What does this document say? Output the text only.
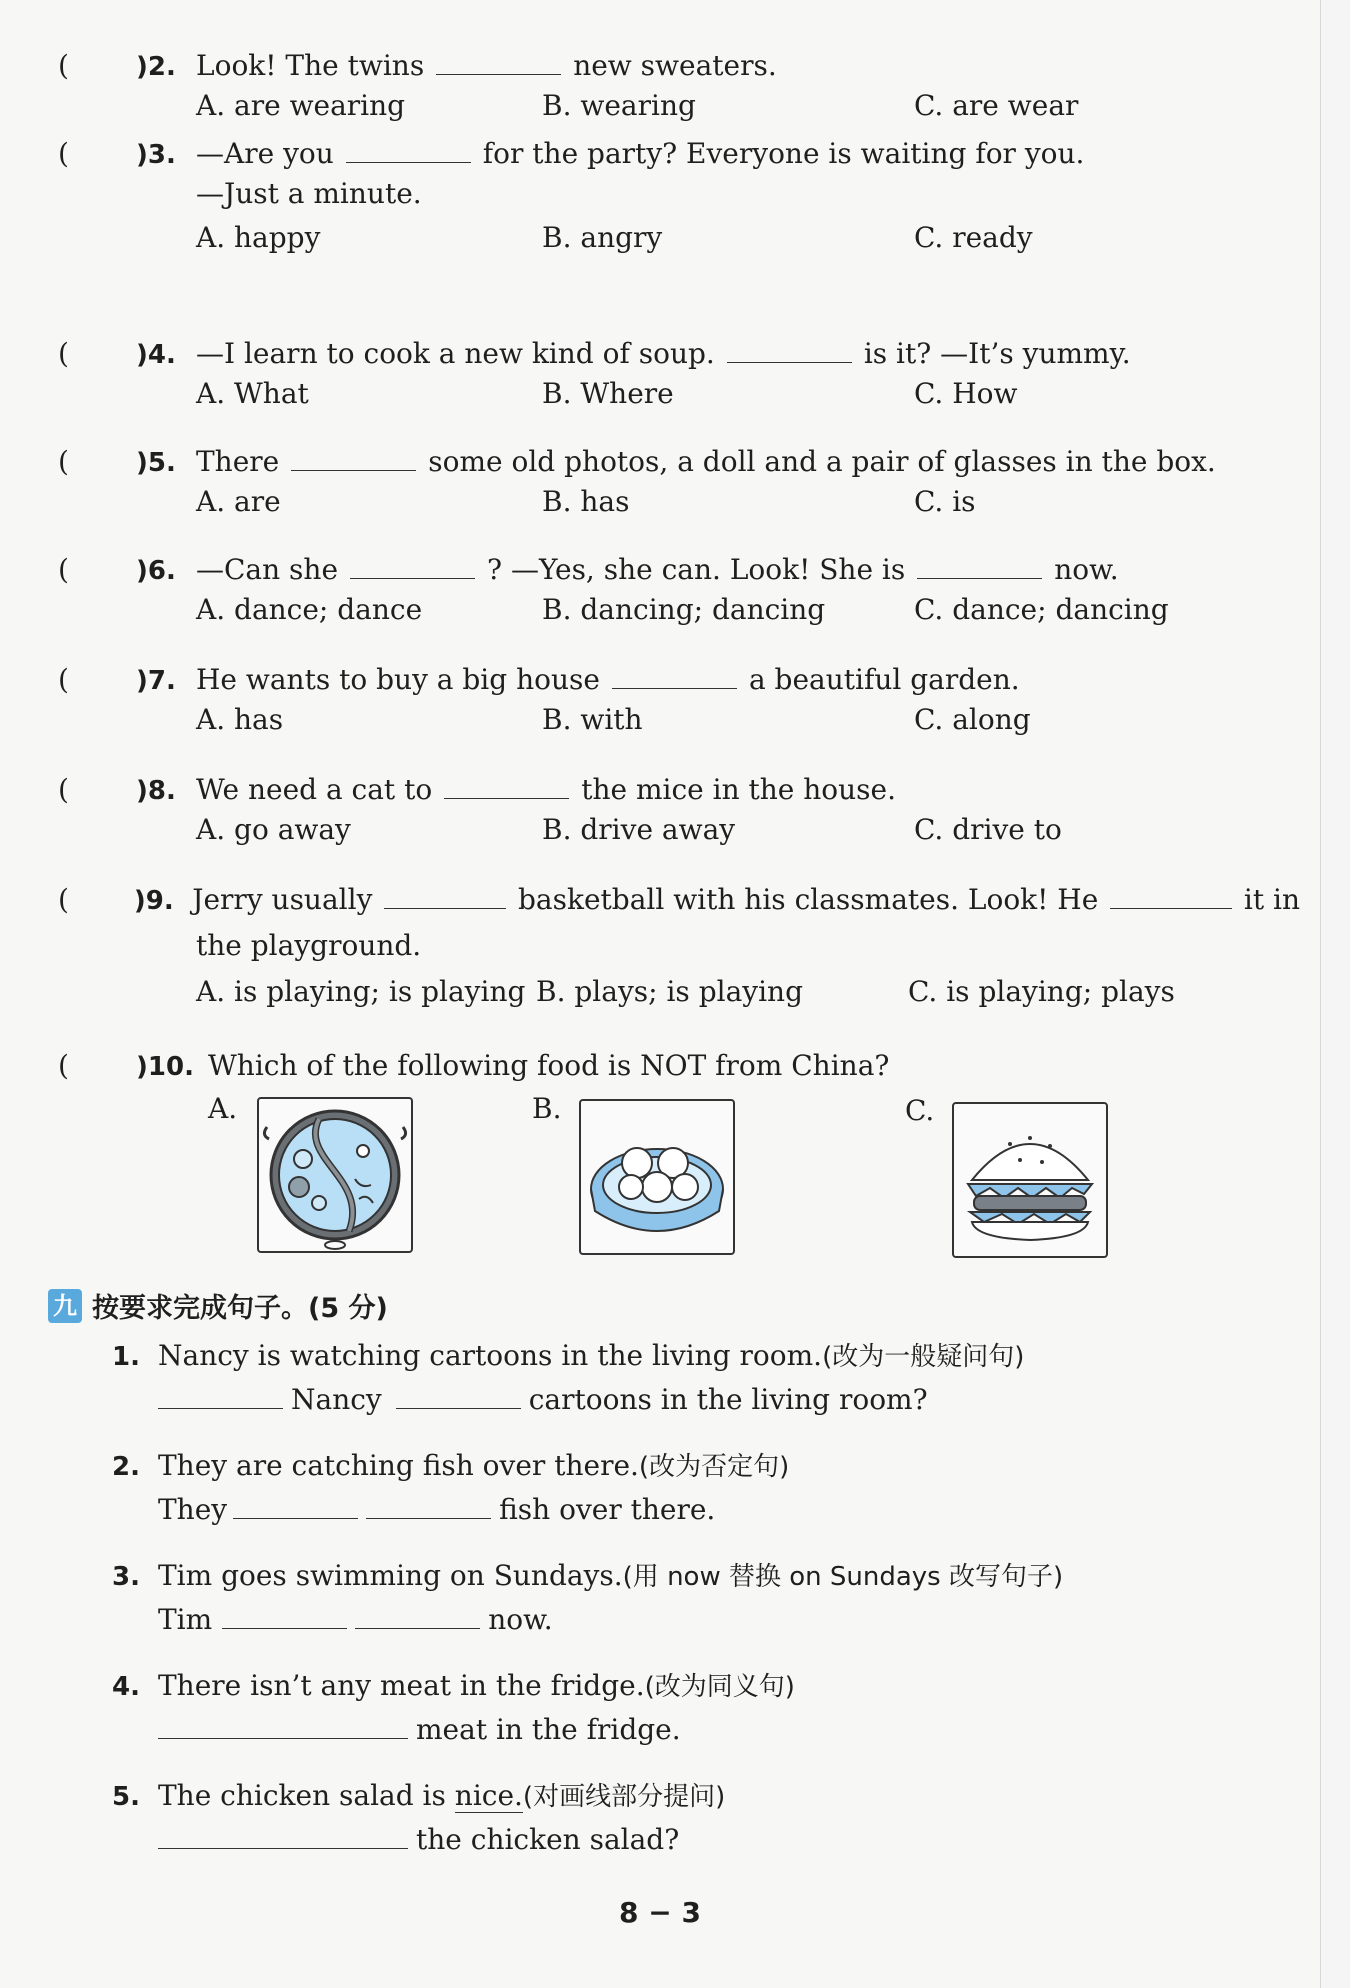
(	)2. Look! The twins	new sweaters.
A. are wearing	B. wearing	C. are wear
(	)3. —Are you	for the party? Everyone is waiting for you.
—Just a minute.
A. happy	B. angry	C. ready
(	)4. —I learn to cook a new kind of soup.	is it? —It’s yummy.
A. What	B. Where	C. How
(	)5. There	some old photos, a doll and a pair of glasses in the box.
A. are	B. has	C. is
(	)6. —Can she	? —Yes, she can. Look! She is	now.
A. dance; dance	B. dancing; dancing	C. dance; dancing
(	)7. He wants to buy a big house	a beautiful garden.
A. has	B. with	C. along
(	)8. We need a cat to	the mice in the house.
A. go away	B. drive away	C. drive to
(	)9. Jerry usually	basketball with his classmates. Look! He	it in
the playground.
A. is playing; is playing B. plays; is playing	C. is playing; plays
(	)10. Which of the following food is NOT from China?
A.	B.	C.
九 按要求完成句子。(5 分)
1. Nancy is watching cartoons in the living room.(改为一般疑问句)
Nancy	cartoons in the living room?
2. They are catching fish over there.(改为否定句)
They	fish over there.
3. Tim goes swimming on Sundays.(用 now 替换 on Sundays 改写句子)
Tim	now.
4. There isn’t any meat in the fridge.(改为同义句)
meat in the fridge.
5. The chicken salad is nice.(对画线部分提问)
the chicken salad?
8 − 3
